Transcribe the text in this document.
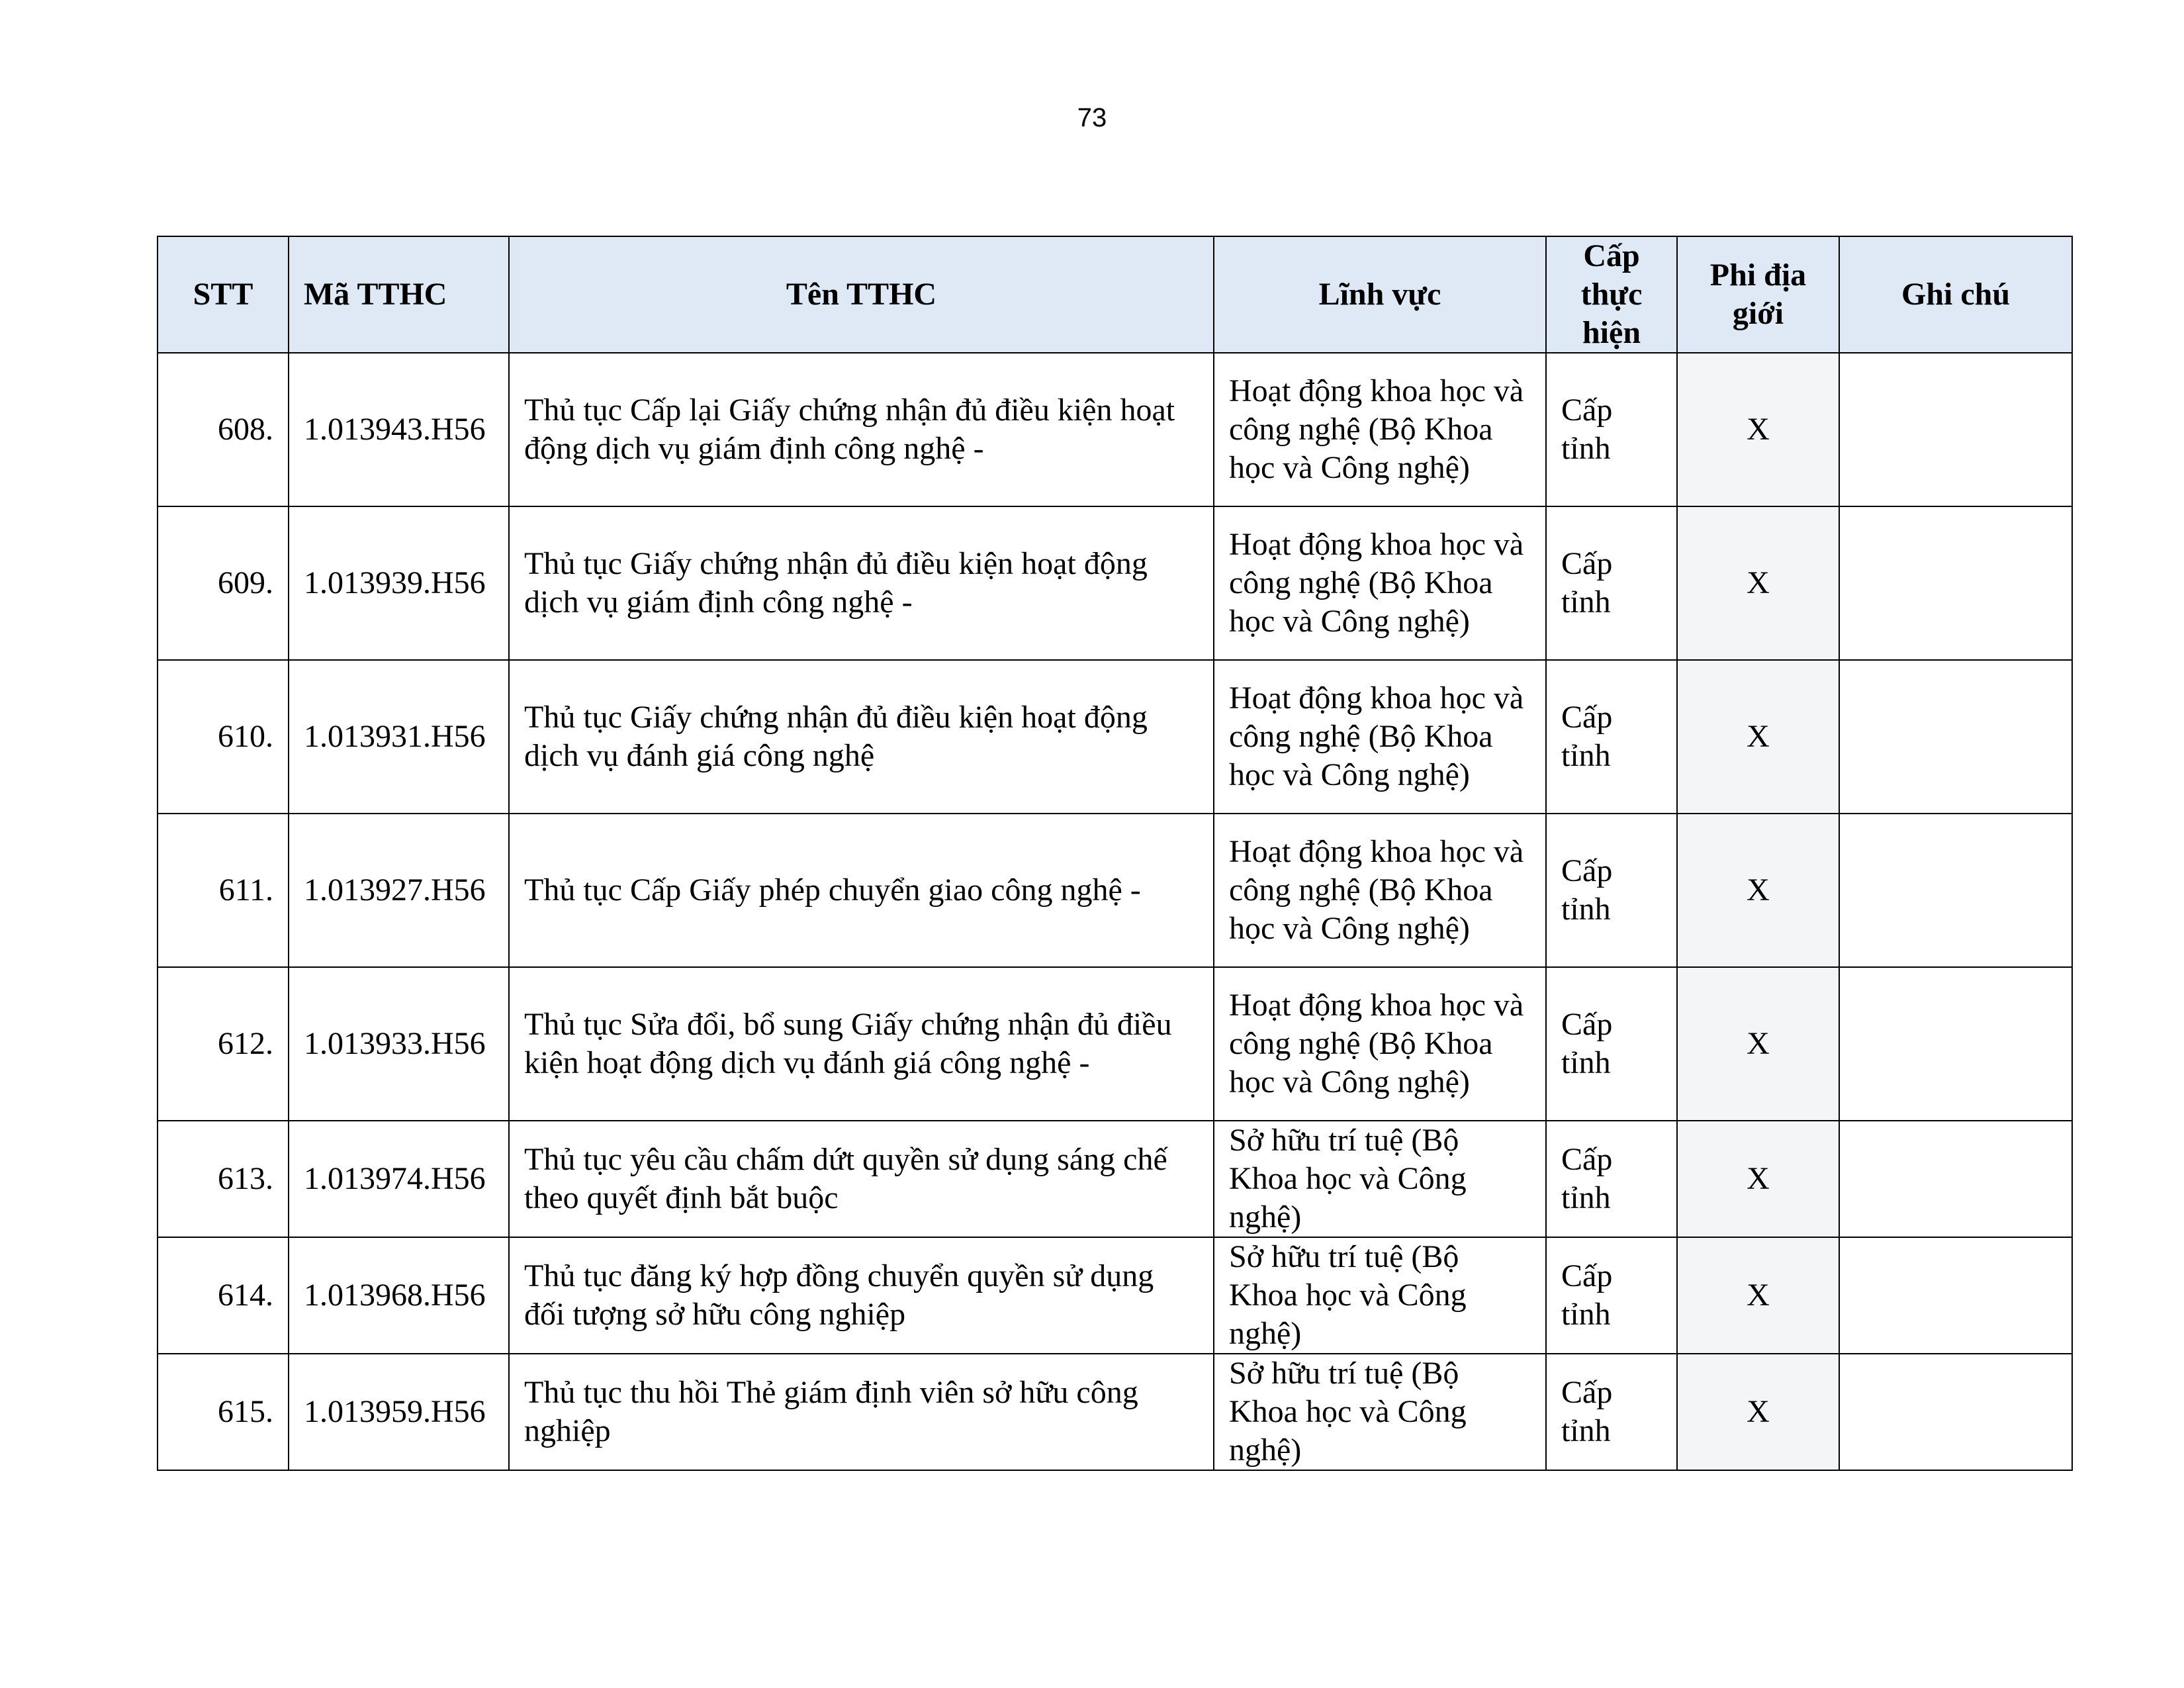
73
STT	Mã TTHC	Tên TTHC	Lĩnh vực	Cấp thực hiện	Phi địa giới	Ghi chú
608.	1.013943.H56	Thủ tục Cấp lại Giấy chứng nhận đủ điều kiện hoạt động dịch vụ giám định công nghệ -	Hoạt động khoa học và công nghệ (Bộ Khoa học và Công nghệ)	Cấp tỉnh	X	
609.	1.013939.H56	Thủ tục Giấy chứng nhận đủ điều kiện hoạt động dịch vụ giám định công nghệ -	Hoạt động khoa học và công nghệ (Bộ Khoa học và Công nghệ)	Cấp tỉnh	X	
610.	1.013931.H56	Thủ tục Giấy chứng nhận đủ điều kiện hoạt động dịch vụ đánh giá công nghệ	Hoạt động khoa học và công nghệ (Bộ Khoa học và Công nghệ)	Cấp tỉnh	X	
611.	1.013927.H56	Thủ tục Cấp Giấy phép chuyển giao công nghệ -	Hoạt động khoa học và công nghệ (Bộ Khoa học và Công nghệ)	Cấp tỉnh	X	
612.	1.013933.H56	Thủ tục Sửa đổi, bổ sung Giấy chứng nhận đủ điều kiện hoạt động dịch vụ đánh giá công nghệ -	Hoạt động khoa học và công nghệ (Bộ Khoa học và Công nghệ)	Cấp tỉnh	X	
613.	1.013974.H56	Thủ tục yêu cầu chấm dứt quyền sử dụng sáng chế theo quyết định bắt buộc	Sở hữu trí tuệ (Bộ Khoa học và Công nghệ)	Cấp tỉnh	X	
614.	1.013968.H56	Thủ tục đăng ký hợp đồng chuyển quyền sử dụng đối tượng sở hữu công nghiệp	Sở hữu trí tuệ (Bộ Khoa học và Công nghệ)	Cấp tỉnh	X	
615.	1.013959.H56	Thủ tục thu hồi Thẻ giám định viên sở hữu công nghiệp	Sở hữu trí tuệ (Bộ Khoa học và Công nghệ)	Cấp tỉnh	X	
